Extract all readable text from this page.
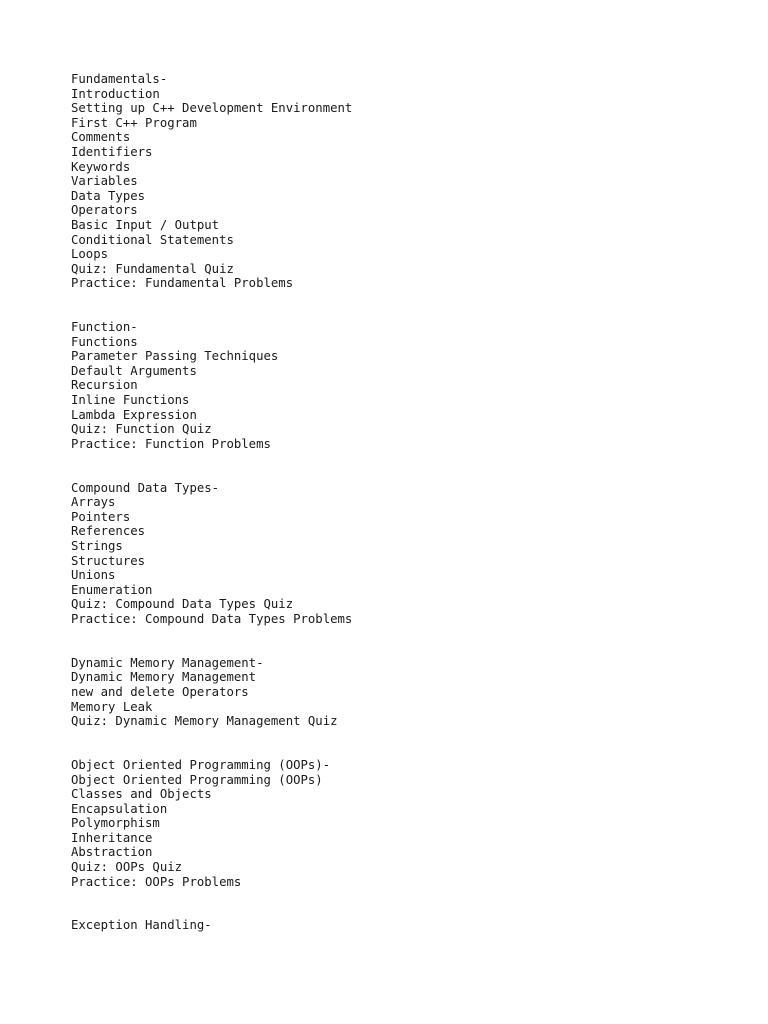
Fundamentals-
Introduction
Setting up C++ Development Environment
First C++ Program
Comments
Identifiers
Keywords
Variables
Data Types
Operators
Basic Input / Output
Conditional Statements
Loops
Quiz: Fundamental Quiz
Practice: Fundamental Problems
Function-
Functions
Parameter Passing Techniques
Default Arguments
Recursion
Inline Functions
Lambda Expression
Quiz: Function Quiz
Practice: Function Problems
Compound Data Types-
Arrays
Pointers
References
Strings
Structures
Unions
Enumeration
Quiz: Compound Data Types Quiz
Practice: Compound Data Types Problems
Dynamic Memory Management-
Dynamic Memory Management
new and delete Operators
Memory Leak
Quiz: Dynamic Memory Management Quiz
Object Oriented Programming (OOPs)-
Object Oriented Programming (OOPs)
Classes and Objects
Encapsulation
Polymorphism
Inheritance
Abstraction
Quiz: OOPs Quiz
Practice: OOPs Problems
Exception Handling-
